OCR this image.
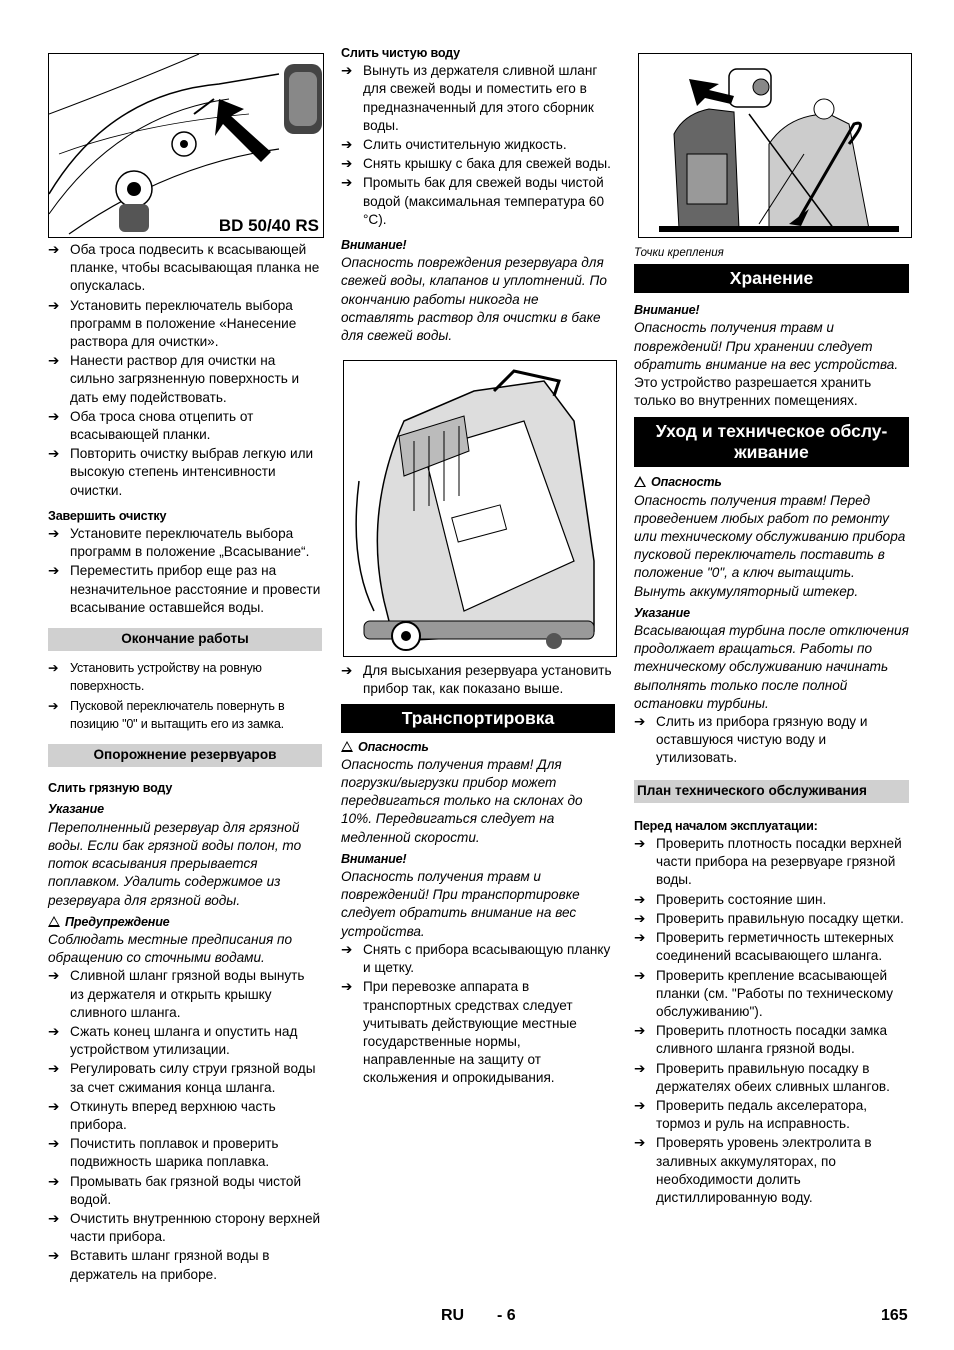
BD 50/40 RS
➔ Оба троса подвесить к всасывающей планке, чтобы всасывающая планка не опускалась.
➔ Установить переключатель выбора программ в положение «Нанесение раствора для очистки».
➔ Нанести раствор для очистки на сильно загрязненную поверхность и дать ему подействовать.
➔ Оба троса снова отцепить от всасывающей планки.
➔ Повторить очистку выбрав легкую или высокую степень интенсивности очистки.

Завершить очистку

➔ Установите переключатель выбора программ в положение „Всасывание“.
➔ Переместить прибор еще раз на незначительное расстояние и провести всасывание оставшейся воды.
Окончание работы
➔ Установить устройству на ровную поверхность.
➔ Пусковой переключатель повернуть в позицию "0" и вытащить его из замка.
Опорожнение резервуаров

Слить грязную воду

Указание

Переполненный резервуар для грязной воды. Если бак грязной воды полон, то поток всасывания прерывается поплавком. Удалить содержимое из резервуара для грязной воды.

Предупреждение

Соблюдать местные предписания по обращению со сточными водами.

➔ Сливной шланг грязной воды вынуть из держателя и открыть крышку сливного шланга.
➔ Сжать конец шланга и опустить над устройством утилизации.
➔ Регулировать силу струи грязной воды за счет сжимания конца шланга.
➔ Откинуть вперед верхнюю часть прибора.
➔ Почистить поплавок и проверить подвижность шарика поплавка.
➔ Промывать бак грязной воды чистой водой.
➔ Очистить внутреннюю сторону верхней части прибора.
➔ Вставить шланг грязной воды в держатель на приборе.

Слить чистую воду

➔ Вынуть из держателя сливной шланг для свежей воды и поместить его в предназначенный для этого сборник воды.
➔ Слить очистительную жидкость.
➔ Снять крышку с бака для свежей воды.
➔ Промыть бак для свежей воды чистой водой (максимальная температура 60 °C).

Внимание!

Опасность повреждения резервуара для свежей воды, клапанов и уплотнений. По окончанию работы никогда не оставлять раствор для очистки в баке для свежей воды.

➔ Для высыхания резервуара установить прибор так, как показано выше.
Транспортировка

Опасность

Опасность получения травм! Для погрузки/выгрузки прибор может передвигаться только на склонах до 10%. Передвигаться следует на медленной скорости.

Внимание!

Опасность получения травм и повреждений! При транспортировке следует обратить внимание на вес устройства.

➔ Снять с прибора всасывающую планку и щетку.
➔ При перевозке аппарата в транспортных средствах следует учитывать действующие местные государственные нормы, направленные на защиту от скольжения и опрокидывания.

Точки крепления

Хранение

Внимание!

Опасность получения травм и повреждений! При хранении следует обратить внимание на вес устройства.

Это устройство разрешается хранить только во внутренних помещениях.

Уход и техническое обслу-
живание

Опасность

Опасность получения травм! Перед проведением любых работ по ремонту или техническому обслуживанию прибора пусковой переключатель поставить в положение "0", а ключ вытащить. Вынуть аккумуляторный штекер.

Указание

Всасывающая турбина после отключения продолжает вращаться. Работы по техническому обслуживанию начинать выполнять только после полной остановки турбины.

➔ Слить из прибора грязную воду и оставшуюся чистую воду и утилизовать.
План технического обслуживания

Перед началом эксплуатации:

➔ Проверить плотность посадки верхней части прибора на резервуаре грязной воды.
➔ Проверить состояние шин.
➔ Проверить правильную посадку щетки.
➔ Проверить герметичность штекерных соединений всасывающего шланга.
➔ Проверить крепление всасывающей планки (см. "Работы по техническому обслуживанию").
➔ Проверить плотность посадки замка сливного шланга грязной воды.
➔ Проверить правильную посадку в держателях обеих сливных шлангов.
➔ Проверить педаль акселератора, тормоз и руль на исправность.
➔ Проверять уровень электролита в заливных аккумуляторах, по необходимости долить дистиллированную воду.
RU - 6	165
